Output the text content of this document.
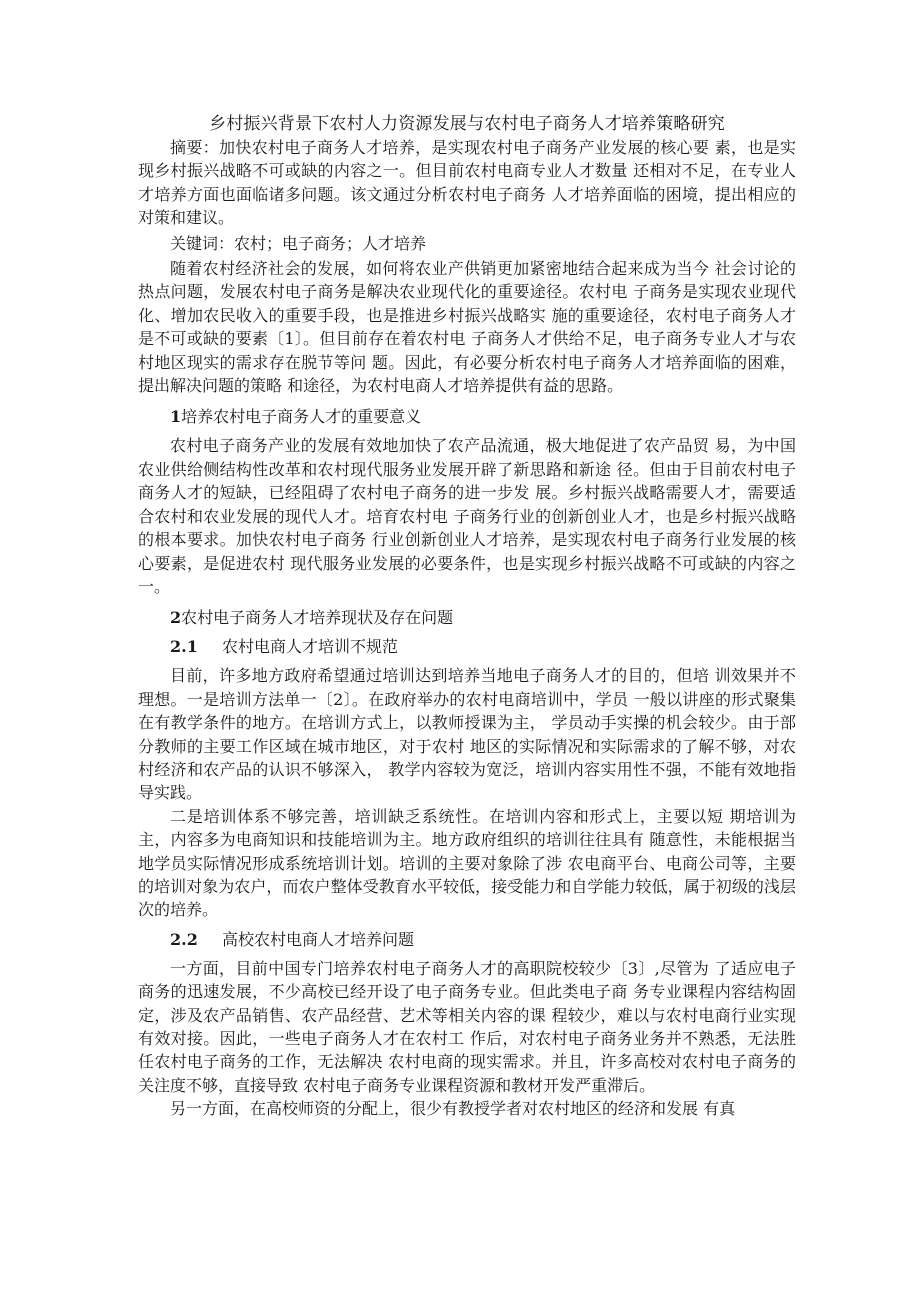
乡村振兴背景下农村人力资源发展与农村电子商务人才培养策略研究

摘要：加快农村电子商务人才培养，是实现农村电子商务产业发展的核心要 素，也是实现乡村振兴战略不可或缺的内容之一。但目前农村电商专业人才数量 还相对不足，在专业人才培养方面也面临诸多问题。该文通过分析农村电子商务 人才培养面临的困境，提出相应的对策和建议。

关键词：农村；电子商务；人才培养

随着农村经济社会的发展，如何将农业产供销更加紧密地结合起来成为当今 社会讨论的热点问题，发展农村电子商务是解决农业现代化的重要途径。农村电 子商务是实现农业现代化、增加农民收入的重要手段，也是推进乡村振兴战略实 施的重要途径，农村电子商务人才是不可或缺的要素〔1〕。但目前存在着农村电 子商务人才供给不足，电子商务专业人才与农村地区现实的需求存在脱节等问 题。因此，有必要分析农村电子商务人才培养面临的困难，提出解决问题的策略 和途径，为农村电商人才培养提供有益的思路。

1培养农村电子商务人才的重要意义

农村电子商务产业的发展有效地加快了农产品流通，极大地促进了农产品贸 易，为中国农业供给侧结构性改革和农村现代服务业发展开辟了新思路和新途 径。但由于目前农村电子商务人才的短缺，已经阻碍了农村电子商务的进一步发 展。乡村振兴战略需要人才，需要适合农村和农业发展的现代人才。培育农村电 子商务行业的创新创业人才，也是乡村振兴战略的根本要求。加快农村电子商务 行业创新创业人才培养，是实现农村电子商务行业发展的核心要素，是促进农村 现代服务业发展的必要条件，也是实现乡村振兴战略不可或缺的内容之一。

2农村电子商务人才培养现状及存在问题
2.1 农村电商人才培训不规范

目前，许多地方政府希望通过培训达到培养当地电子商务人才的目的，但培 训效果并不理想。一是培训方法单一〔2〕。在政府举办的农村电商培训中，学员 一般以讲座的形式聚集在有教学条件的地方。在培训方式上，以教师授课为主， 学员动手实操的机会较少。由于部分教师的主要工作区域在城市地区，对于农村 地区的实际情况和实际需求的了解不够，对农村经济和农产品的认识不够深入， 教学内容较为宽泛，培训内容实用性不强，不能有效地指导实践。

二是培训体系不够完善，培训缺乏系统性。在培训内容和形式上，主要以短 期培训为主，内容多为电商知识和技能培训为主。地方政府组织的培训往往具有 随意性，未能根据当地学员实际情况形成系统培训计划。培训的主要对象除了涉 农电商平台、电商公司等，主要的培训对象为农户，而农户整体受教育水平较低，接受能力和自学能力较低，属于初级的浅层次的培养。

2.2 高校农村电商人才培养问题

一方面，目前中国专门培养农村电子商务人才的高职院校较少〔3〕,尽管为 了适应电子商务的迅速发展，不少高校已经开设了电子商务专业。但此类电子商 务专业课程内容结构固定，涉及农产品销售、农产品经营、艺术等相关内容的课 程较少，难以与农村电商行业实现有效对接。因此，一些电子商务人才在农村工 作后，对农村电子商务业务并不熟悉，无法胜任农村电子商务的工作，无法解决 农村电商的现实需求。并且，许多高校对农村电子商务的关注度不够，直接导致 农村电子商务专业课程资源和教材开发严重滞后。

另一方面，在高校师资的分配上，很少有教授学者对农村地区的经济和发展 有真
